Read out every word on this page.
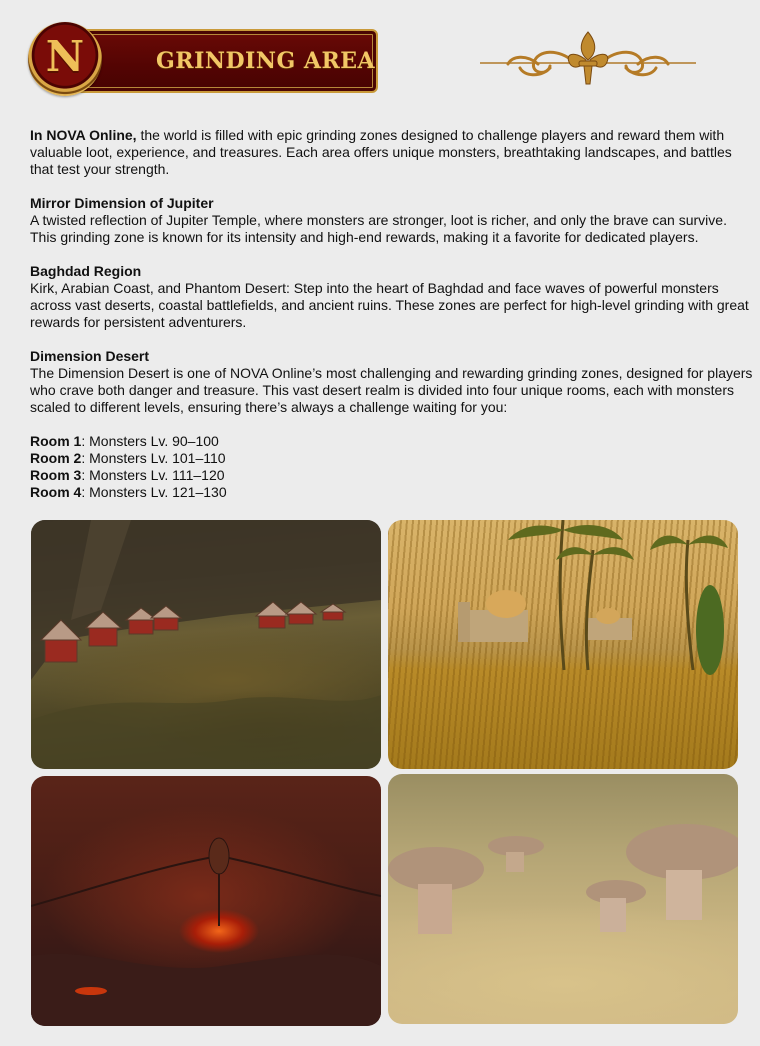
GRINDING AREA
N

In NOVA Online, the world is filled with epic grinding zones designed to challenge players and reward them with valuable loot, experience, and treasures. Each area offers unique monsters, breathtaking landscapes, and battles that test your strength.

Mirror Dimension of Jupiter

A twisted reflection of Jupiter Temple, where monsters are stronger, loot is richer, and only the brave can survive. This grinding zone is known for its intensity and high-end rewards, making it a favorite for dedicated players.

Baghdad Region

Kirk, Arabian Coast, and Phantom Desert: Step into the heart of Baghdad and face waves of powerful monsters across vast deserts, coastal battlefields, and ancient ruins. These zones are perfect for high-level grinding with great rewards for persistent adventurers.

Dimension Desert

The Dimension Desert is one of NOVA Online’s most challenging and rewarding grinding zones, designed for players who crave both danger and treasure. This vast desert realm is divided into four unique rooms, each with monsters scaled to different levels, ensuring there’s always a challenge waiting for you:

Room 1: Monsters Lv. 90–100

Room 2: Monsters Lv. 101–110

Room 3: Monsters Lv. 111–120

Room 4: Monsters Lv. 121–130
